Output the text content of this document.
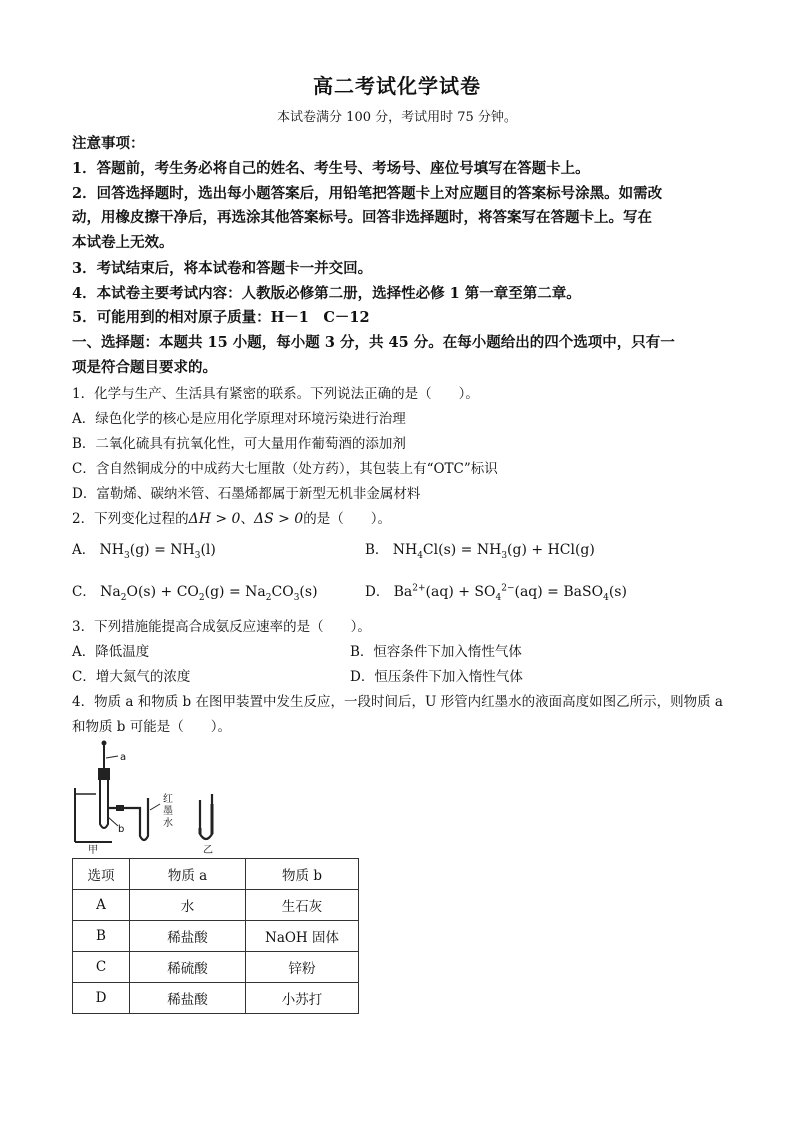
高二考试化学试卷
本试卷满分 100 分，考试用时 75 分钟。
注意事项：
1．答题前，考生务必将自己的姓名、考生号、考场号、座位号填写在答题卡上。
2．回答选择题时，选出每小题答案后，用铅笔把答题卡上对应题目的答案标号涂黑。如需改
动，用橡皮擦干净后，再选涂其他答案标号。回答非选择题时，将答案写在答题卡上。写在
本试卷上无效。
3．考试结束后，将本试卷和答题卡一并交回。
4．本试卷主要考试内容：人教版必修第二册，选择性必修 1 第一章至第二章。
5．可能用到的相对原子质量：H－1　C－12
一、选择题：本题共 15 小题，每小题 3 分，共 45 分。在每小题给出的四个选项中，只有一
项是符合题目要求的。
1．化学与生产、生活具有紧密的联系。下列说法正确的是（　　）。
A．绿色化学的核心是应用化学原理对环境污染进行治理
B．二氧化硫具有抗氧化性，可大量用作葡萄酒的添加剂
C．含自然铜成分的中成药大七厘散（处方药），其包装上有“OTC”标识
D．富勒烯、碳纳米管、石墨烯都属于新型无机非金属材料
2．下列变化过程的ΔH > 0、ΔS > 0的是（　　）。
A． $NH_3(g) = NH_3(l)$	B． $NH_4Cl(s) = NH_3(g) + HCl(g)$
C． $Na_2O(s) + CO_2(g) = Na_2CO_3(s)$	D． $Ba^{2+}(aq) + SO_4^{2-}(aq)$ = BaSO$_4$(s)
3．下列措施能提高合成氨反应速率的是（　　）。
A．降低温度	B．恒容条件下加入惰性气体
C．增大氮气的浓度	D．恒压条件下加入惰性气体
4．物质 a 和物质 b 在图甲装置中发生反应，一段时间后，U 形管内红墨水的液面高度如图乙所示，则物质 a
和物质 b 可能是（　　）。
a
b
红
墨
水
甲	乙
选项	物质 a	物质 b
A	水	生石灰
B	稀盐酸	NaOH 固体
C	稀硫酸	锌粉
D	稀盐酸	小苏打
